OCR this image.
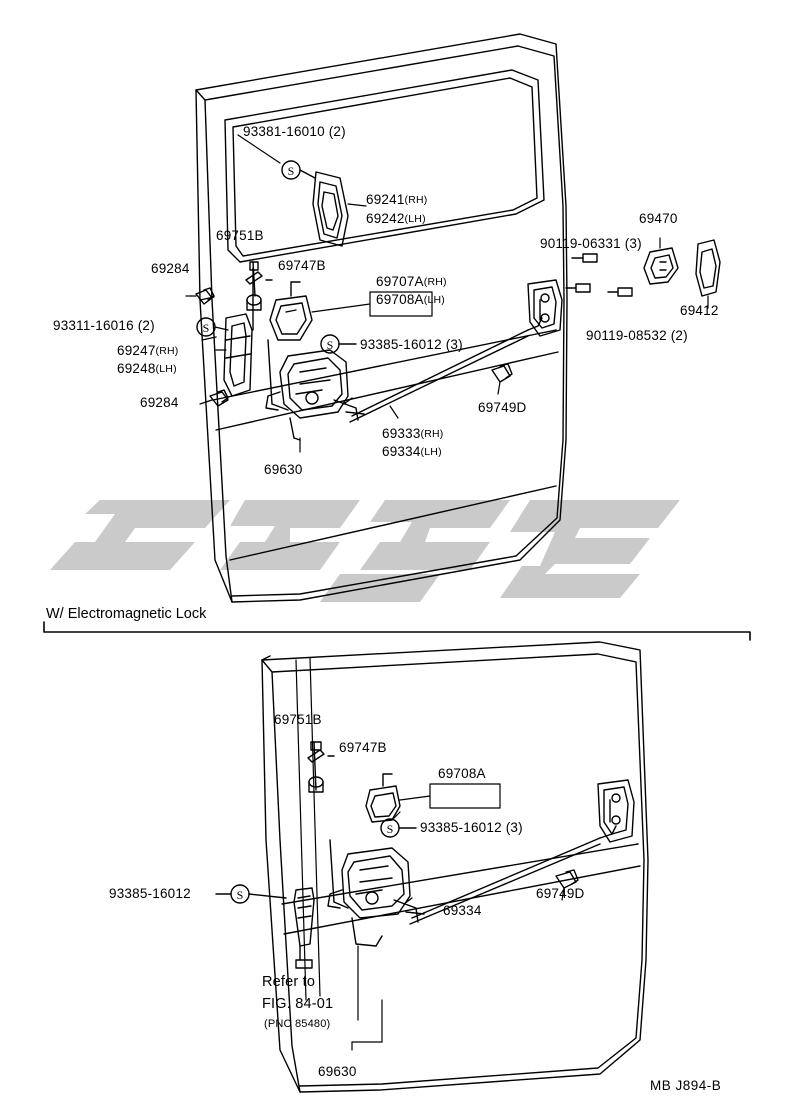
S
S
S
S
S
93381-16010 (2)
69241(RH)
69242(LH)
69751B
69284	69747B
69707A(RH)
69708A(LH)
93311-16016 (2)
69247(RH)
69248(LH)
69284
93385-16012 (3)
69630
69333(RH)
69334(LH)
69749D
90119-06331 (3)
90119-08532 (2)
69470
69412
W/ Electromagnetic Lock
69751B
69747B
69708A
93385-16012 (3)
93385-16012
69334
69749D
Refer to
FIG. 84-01
(PNC 85480)
69630
MB J894-B
